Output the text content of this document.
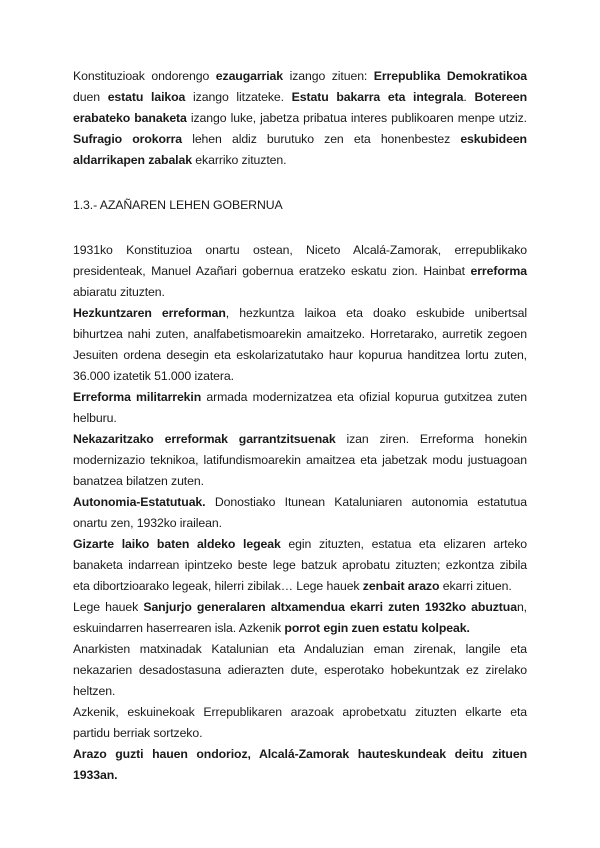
Konstituzioak ondorengo ezaugarriak izango zituen: Errepublika Demokratikoa duen estatu laikoa izango litzateke. Estatu bakarra eta integrala. Botereen erabateko banaketa izango luke, jabetza pribatua interes publikoaren menpe utziz. Sufragio orokorra lehen aldiz burutuko zen eta honenbestez eskubideen aldarrikapen zabalak ekarriko zituzten.

1.3.- AZAÑAREN LEHEN GOBERNUA

1931ko Konstituzioa onartu ostean, Niceto Alcalá-Zamorak, errepublikako presidenteak, Manuel Azañari gobernua eratzeko eskatu zion. Hainbat erreforma abiaratu zituzten.

Hezkuntzaren erreforman, hezkuntza laikoa eta doako eskubide unibertsal bihurtzea nahi zuten, analfabetismoarekin amaitzeko. Horretarako, aurretik zegoen Jesuiten ordena desegin eta eskolarizatutako haur kopurua handitzea lortu zuten, 36.000 izatetik 51.000 izatera.

Erreforma militarrekin armada modernizatzea eta ofizial kopurua gutxitzea zuten helburu.

Nekazaritzako erreformak garrantzitsuenak izan ziren. Erreforma honekin modernizazio teknikoa, latifundismoarekin amaitzea eta jabetzak modu justuagoan banatzea bilatzen zuten.

Autonomia-Estatutuak. Donostiako Itunean Kataluniaren autonomia estatutua onartu zen, 1932ko irailean.

Gizarte laiko baten aldeko legeak egin zituzten, estatua eta elizaren arteko banaketa indarrean ipintzeko beste lege batzuk aprobatu zituzten; ezkontza zibila eta dibortzioarako legeak, hilerri zibilak… Lege hauek zenbait arazo ekarri zituen.

Lege hauek Sanjurjo generalaren altxamendua ekarri zuten 1932ko abuztuan, eskuindarren haserrearen isla. Azkenik porrot egin zuen estatu kolpeak.

Anarkisten matxinadak Katalunian eta Andaluzian eman zirenak, langile eta nekazarien desadostasuna adierazten dute, esperotako hobekuntzak ez zirelako heltzen.

Azkenik, eskuinekoak Errepublikaren arazoak aprobetxatu zituzten elkarte eta partidu berriak sortzeko.

Arazo guzti hauen ondorioz, Alcalá-Zamorak hauteskundeak deitu zituen 1933an.
